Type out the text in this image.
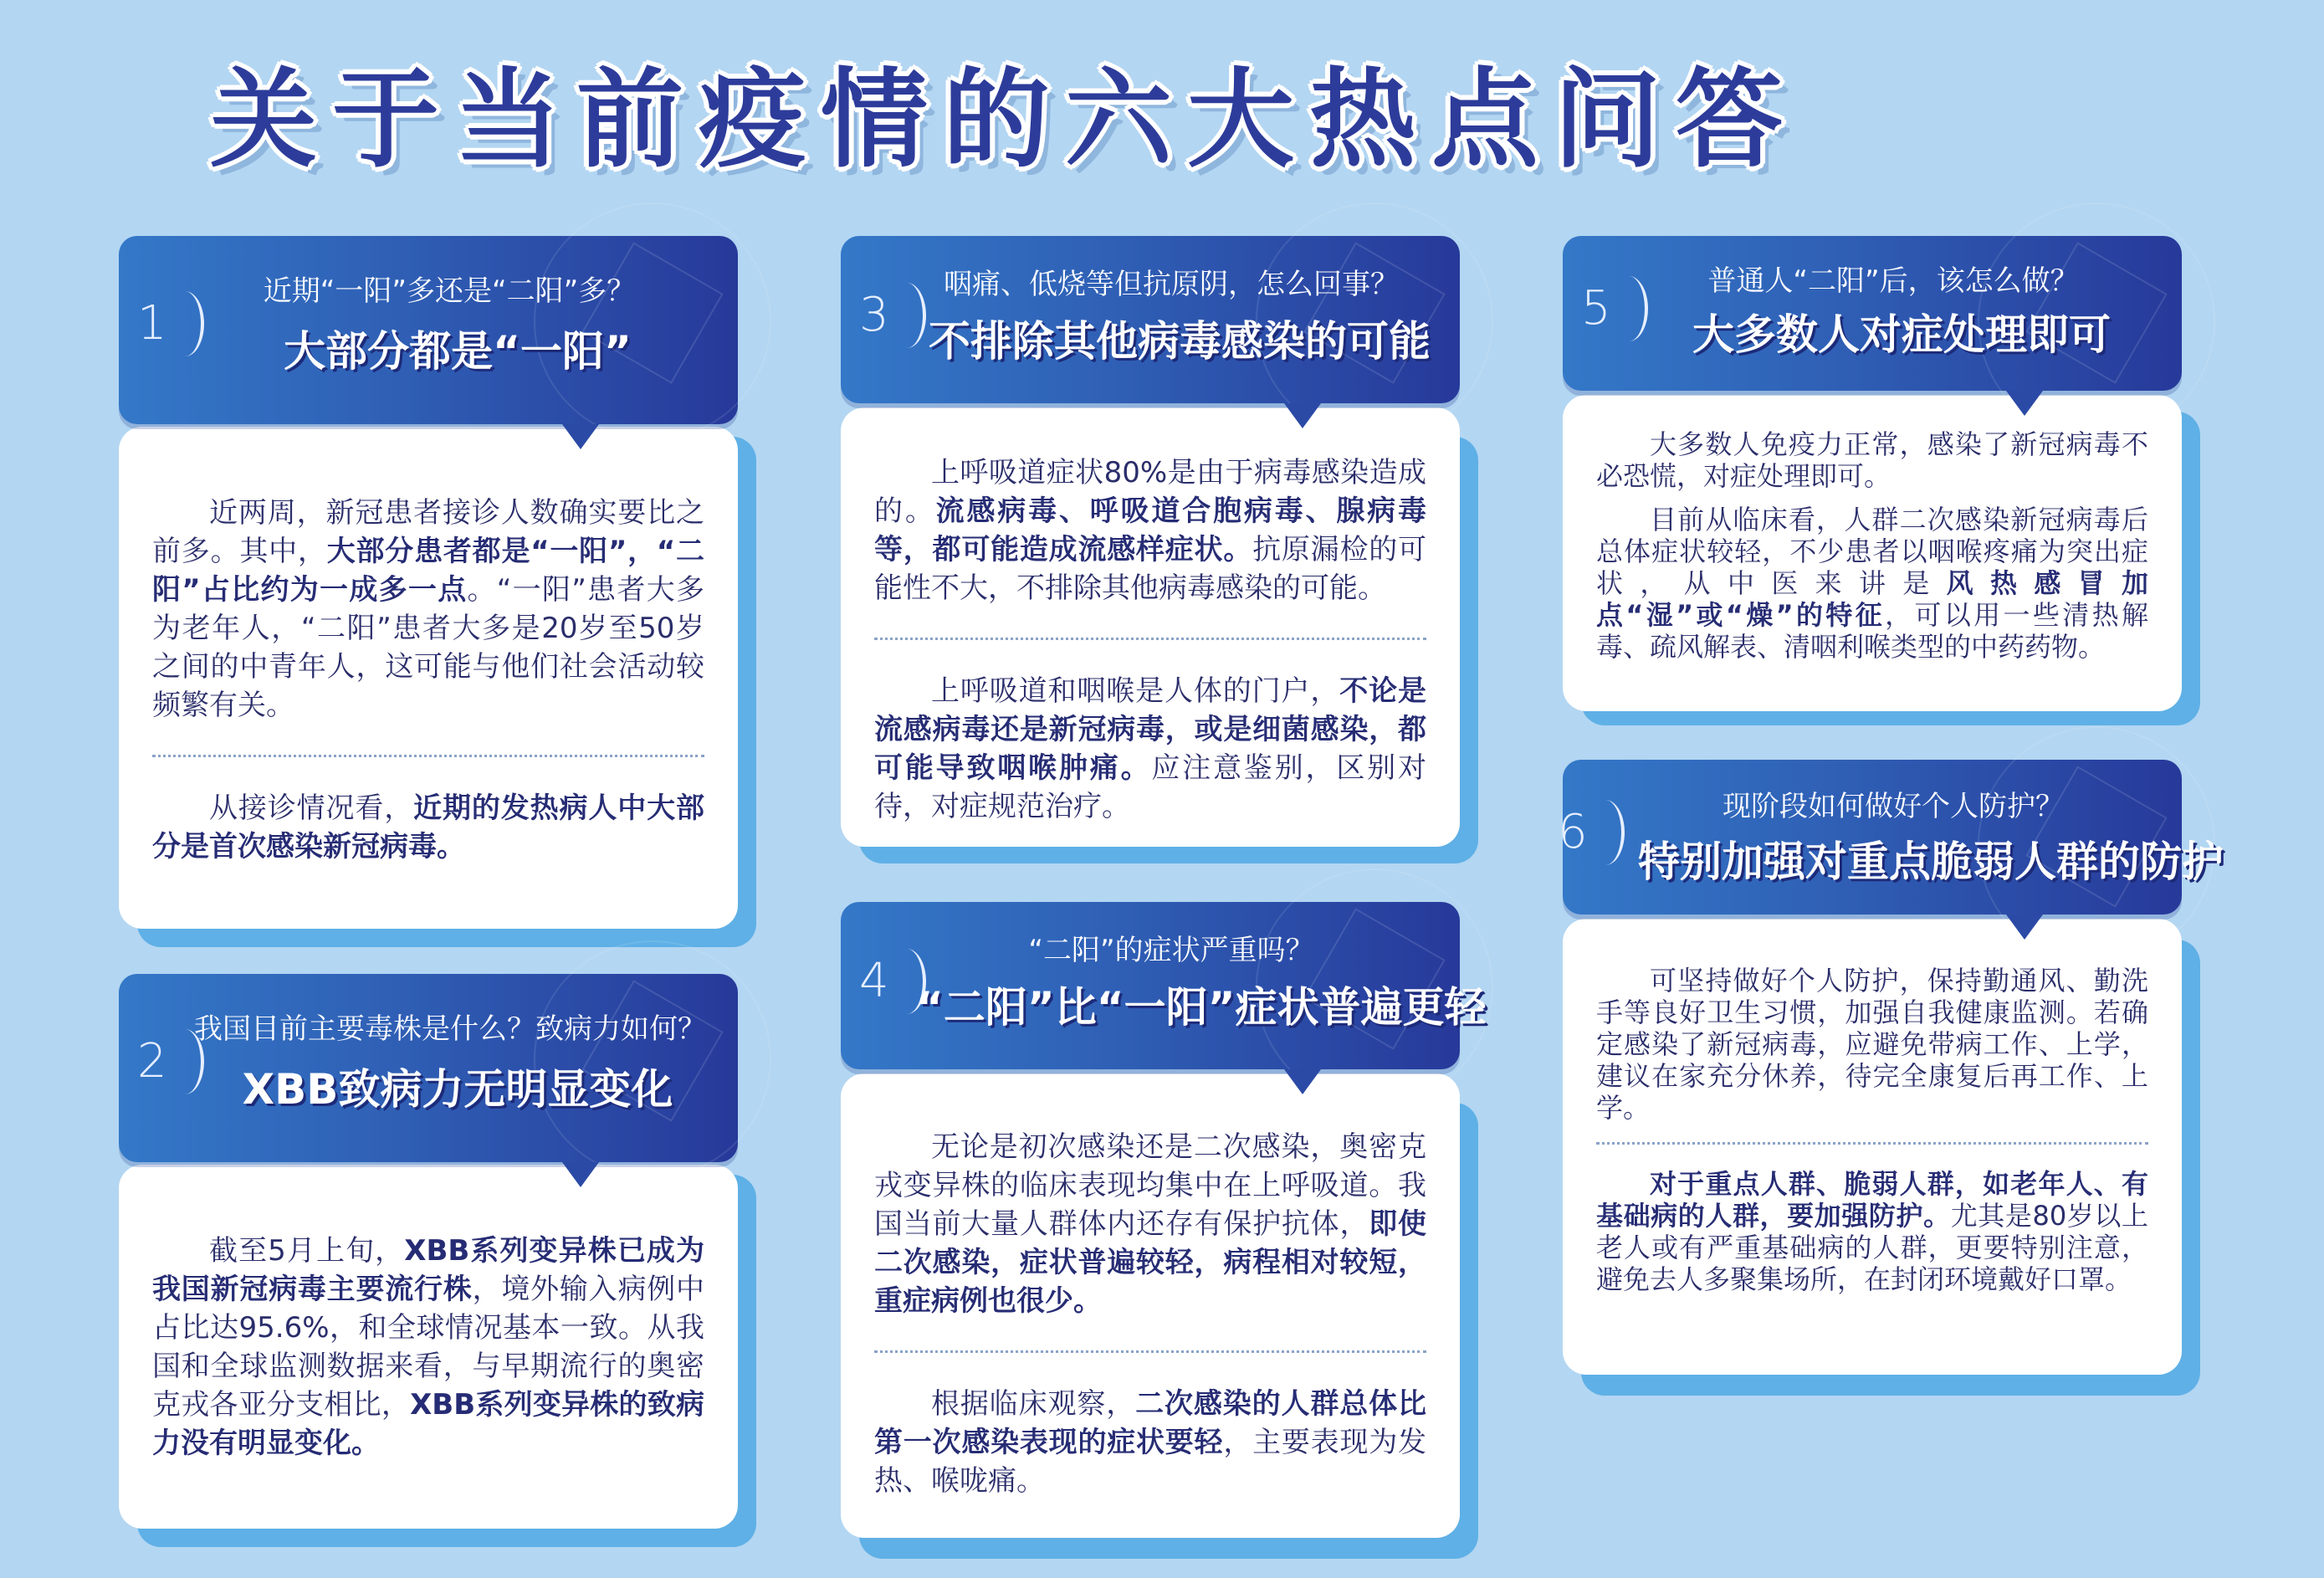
关于当前疫情的六大热点问答

近两周，新冠患者接诊人数确实要比之前多。其中，大部分患者都是“一阳”，“二阳”占比约为一成多一点。“一阳”患者大多为老年人，“二阳”患者大多是20岁至50岁之间的中青年人，这可能与他们社会活动较频繁有关。

从接诊情况看，近期的发热病人中大部分是首次感染新冠病毒。

1
近期“一阳”多还是“二阳”多？
大部分都是“一阳”

截至5月上旬，XBB系列变异株已成为我国新冠病毒主要流行株，境外输入病例中占比达95.6%，和全球情况基本一致。从我国和全球监测数据来看，与早期流行的奥密克戎各亚分支相比，XBB系列变异株的致病力没有明显变化。

2
我国目前主要毒株是什么？致病力如何？
XBB致病力无明显变化

上呼吸道症状80%是由于病毒感染造成的。流感病毒、呼吸道合胞病毒、腺病毒等，都可能造成流感样症状。抗原漏检的可能性不大，不排除其他病毒感染的可能。

上呼吸道和咽喉是人体的门户，不论是流感病毒还是新冠病毒，或是细菌感染，都可能导致咽喉肿痛。应注意鉴别，区别对待，对症规范治疗。

3
咽痛、低烧等但抗原阴，怎么回事？
不排除其他病毒感染的可能

无论是初次感染还是二次感染，奥密克戎变异株的临床表现均集中在上呼吸道。我国当前大量人群体内还存有保护抗体，即使二次感染，症状普遍较轻，病程相对较短，重症病例也很少。

根据临床观察，二次感染的人群总体比第一次感染表现的症状要轻，主要表现为发热、喉咙痛。

4
“二阳”的症状严重吗？
“二阳”比“一阳”症状普遍更轻

大多数人免疫力正常，感染了新冠病毒不必恐慌，对症处理即可。

目前从临床看，人群二次感染新冠病毒后总体症状较轻，不少患者以咽喉疼痛为突出症状，从中医来讲是风热感冒加点“湿”或“燥”的特征，可以用一些清热解毒、疏风解表、清咽利喉类型的中药药物。

5	普通人“二阳”后，该怎么做？
大多数人对症处理即可

可坚持做好个人防护，保持勤通风、勤洗手等良好卫生习惯，加强自我健康监测。若确定感染了新冠病毒，应避免带病工作、上学，建议在家充分休养，待完全康复后再工作、上学。

对于重点人群、脆弱人群，如老年人、有基础病的人群，要加强防护。尤其是80岁以上老人或有严重基础病的人群，更要特别注意，避免去人多聚集场所，在封闭环境戴好口罩。

6	现阶段如何做好个人防护？
特别加强对重点脆弱人群的防护
